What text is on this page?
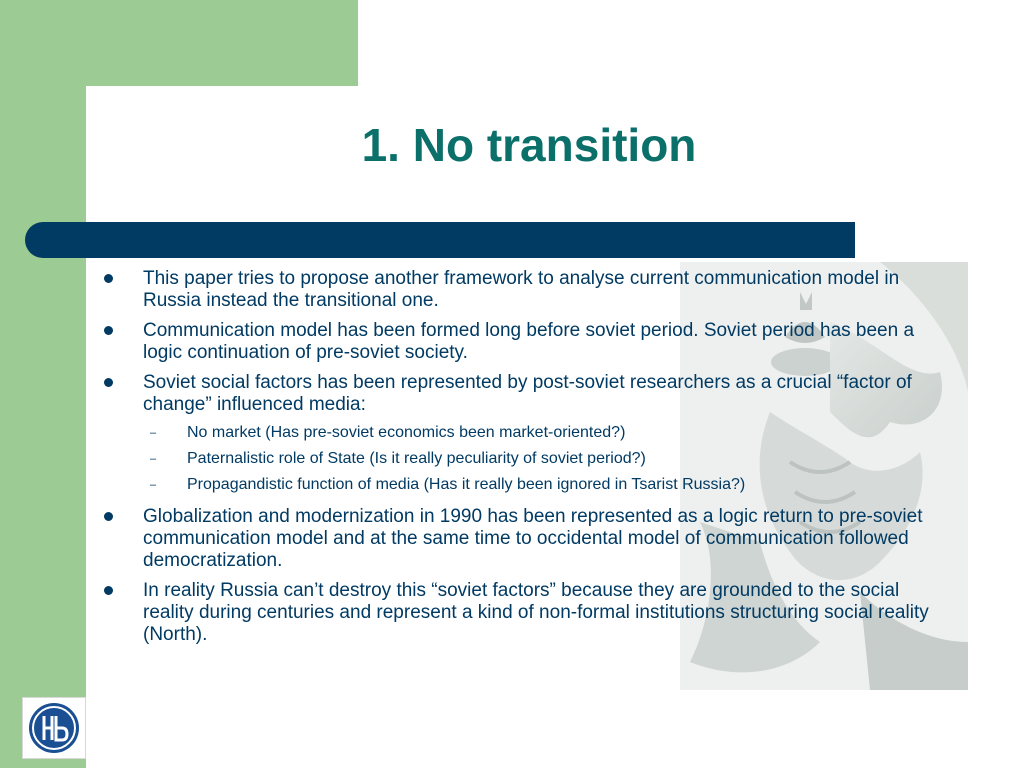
1. No transition
This paper tries to propose another framework to analyse current communication model in Russia instead the transitional one.
Communication model has been formed long before soviet period. Soviet period has been a logic continuation of pre-soviet society.
Soviet social factors has been represented by post-soviet researchers as a crucial “factor of change” influenced media:
–	No market (Has pre-soviet economics been market-oriented?)
–	Paternalistic role of State (Is it really peculiarity of soviet period?)
–	Propagandistic function of media (Has it really been ignored in Tsarist Russia?)
Globalization and modernization in 1990 has been represented as a logic return to pre-soviet communication model and at the same time to occidental model of communication followed democratization.
In reality Russia can’t destroy this “soviet factors” because they are grounded to the social reality during centuries and represent a kind of non-formal institutions structuring social reality (North).
